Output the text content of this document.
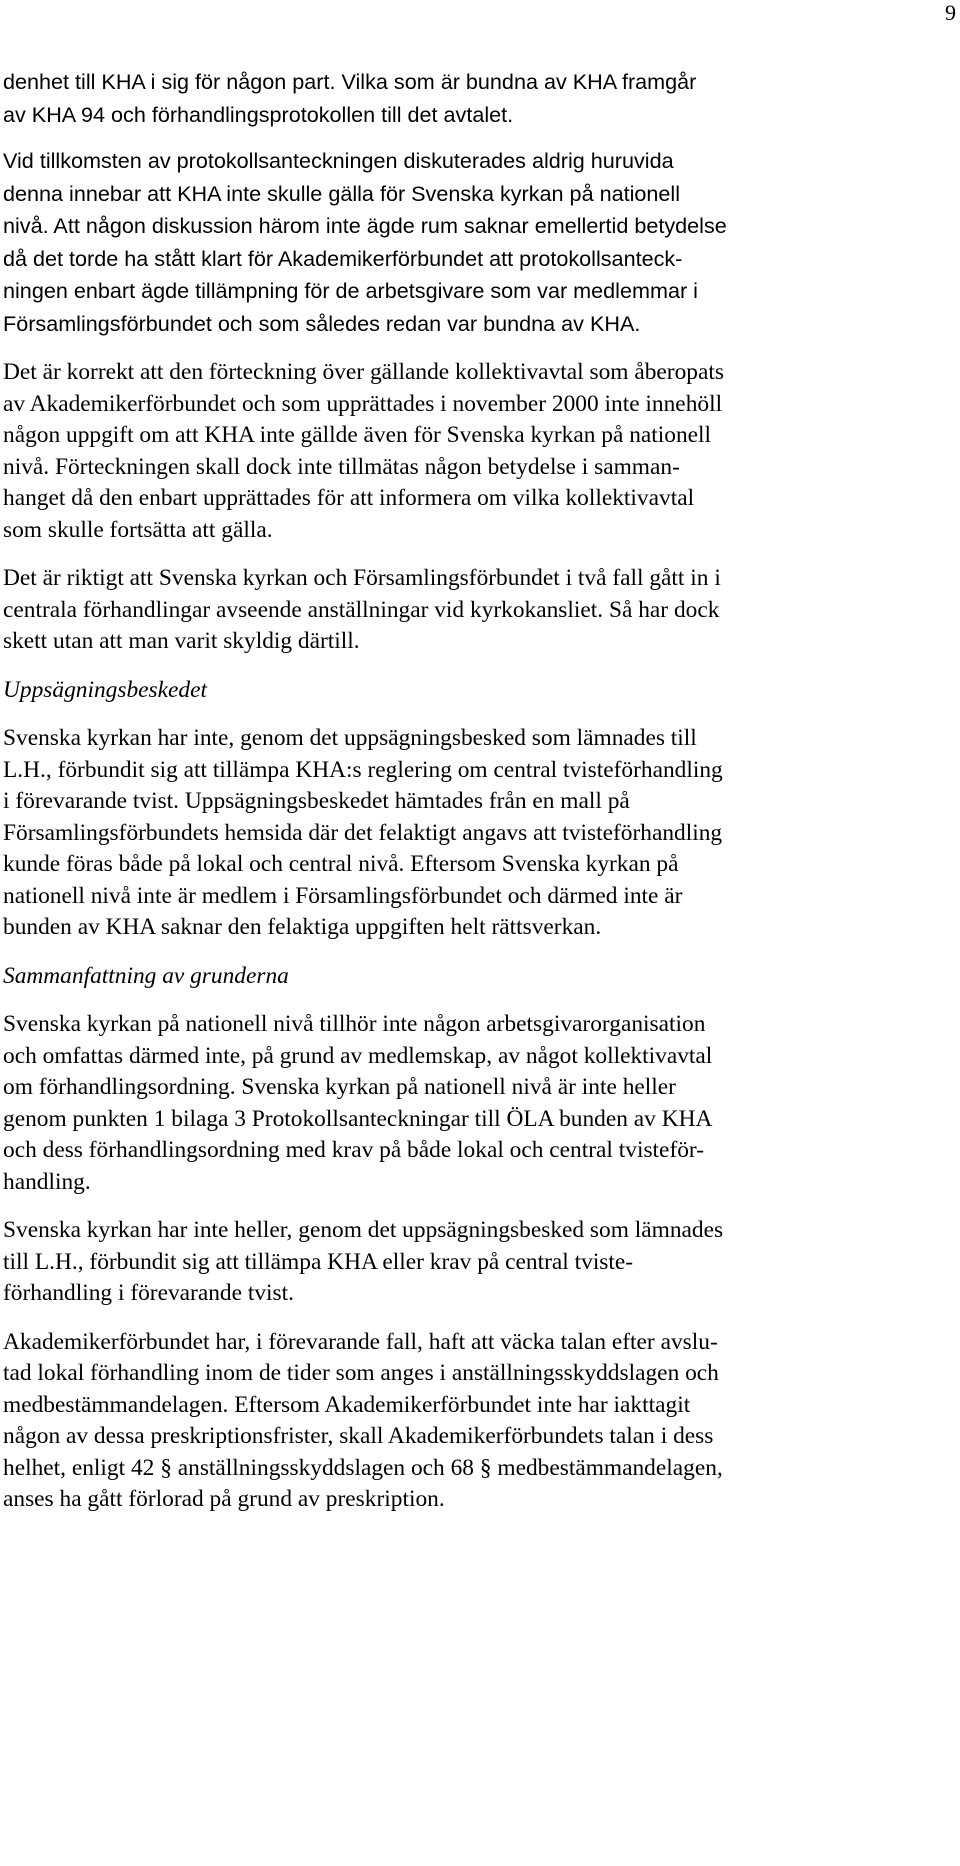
9
denhet till KHA i sig för någon part. Vilka som är bundna av KHA framgår
av KHA 94 och förhandlingsprotokollen till det avtalet.
Vid tillkomsten av protokollsanteckningen diskuterades aldrig huruvida
denna innebar att KHA inte skulle gälla för Svenska kyrkan på nationell
nivå. Att någon diskussion härom inte ägde rum saknar emellertid betydelse
då det torde ha stått klart för Akademikerförbundet att protokollsanteck-
ningen enbart ägde tillämpning för de arbetsgivare som var medlemmar i
Församlingsförbundet och som således redan var bundna av KHA.
Det är korrekt att den förteckning över gällande kollektivavtal som åberopats
av Akademikerförbundet och som upprättades i november 2000 inte innehöll
någon uppgift om att KHA inte gällde även för Svenska kyrkan på nationell
nivå. Förteckningen skall dock inte tillmätas någon betydelse i samman-
hanget då den enbart upprättades för att informera om vilka kollektivavtal
som skulle fortsätta att gälla.
Det är riktigt att Svenska kyrkan och Församlingsförbundet i två fall gått in i
centrala förhandlingar avseende anställningar vid kyrkokansliet. Så har dock
skett utan att man varit skyldig därtill.
Uppsägningsbeskedet
Svenska kyrkan har inte, genom det uppsägningsbesked som lämnades till
L.H., förbundit sig att tillämpa KHA:s reglering om central tvisteförhandling
i förevarande tvist. Uppsägningsbeskedet hämtades från en mall på
Församlingsförbundets hemsida där det felaktigt angavs att tvisteförhandling
kunde föras både på lokal och central nivå. Eftersom Svenska kyrkan på
nationell nivå inte är medlem i Församlingsförbundet och därmed inte är
bunden av KHA saknar den felaktiga uppgiften helt rättsverkan.
Sammanfattning av grunderna
Svenska kyrkan på nationell nivå tillhör inte någon arbetsgivarorganisation
och omfattas därmed inte, på grund av medlemskap, av något kollektivavtal
om förhandlingsordning. Svenska kyrkan på nationell nivå är inte heller
genom punkten 1 bilaga 3 Protokollsanteckningar till ÖLA bunden av KHA
och dess förhandlingsordning med krav på både lokal och central tvisteför-
handling.
Svenska kyrkan har inte heller, genom det uppsägningsbesked som lämnades
till L.H., förbundit sig att tillämpa KHA eller krav på central tviste-
förhandling i förevarande tvist.
Akademikerförbundet har, i förevarande fall, haft att väcka talan efter avslu-
tad lokal förhandling inom de tider som anges i anställningsskyddslagen och
medbestämmandelagen. Eftersom Akademikerförbundet inte har iakttagit
någon av dessa preskriptionsfrister, skall Akademikerförbundets talan i dess
helhet, enligt 42 § anställningsskyddslagen och 68 § medbestämmandelagen,
anses ha gått förlorad på grund av preskription.
